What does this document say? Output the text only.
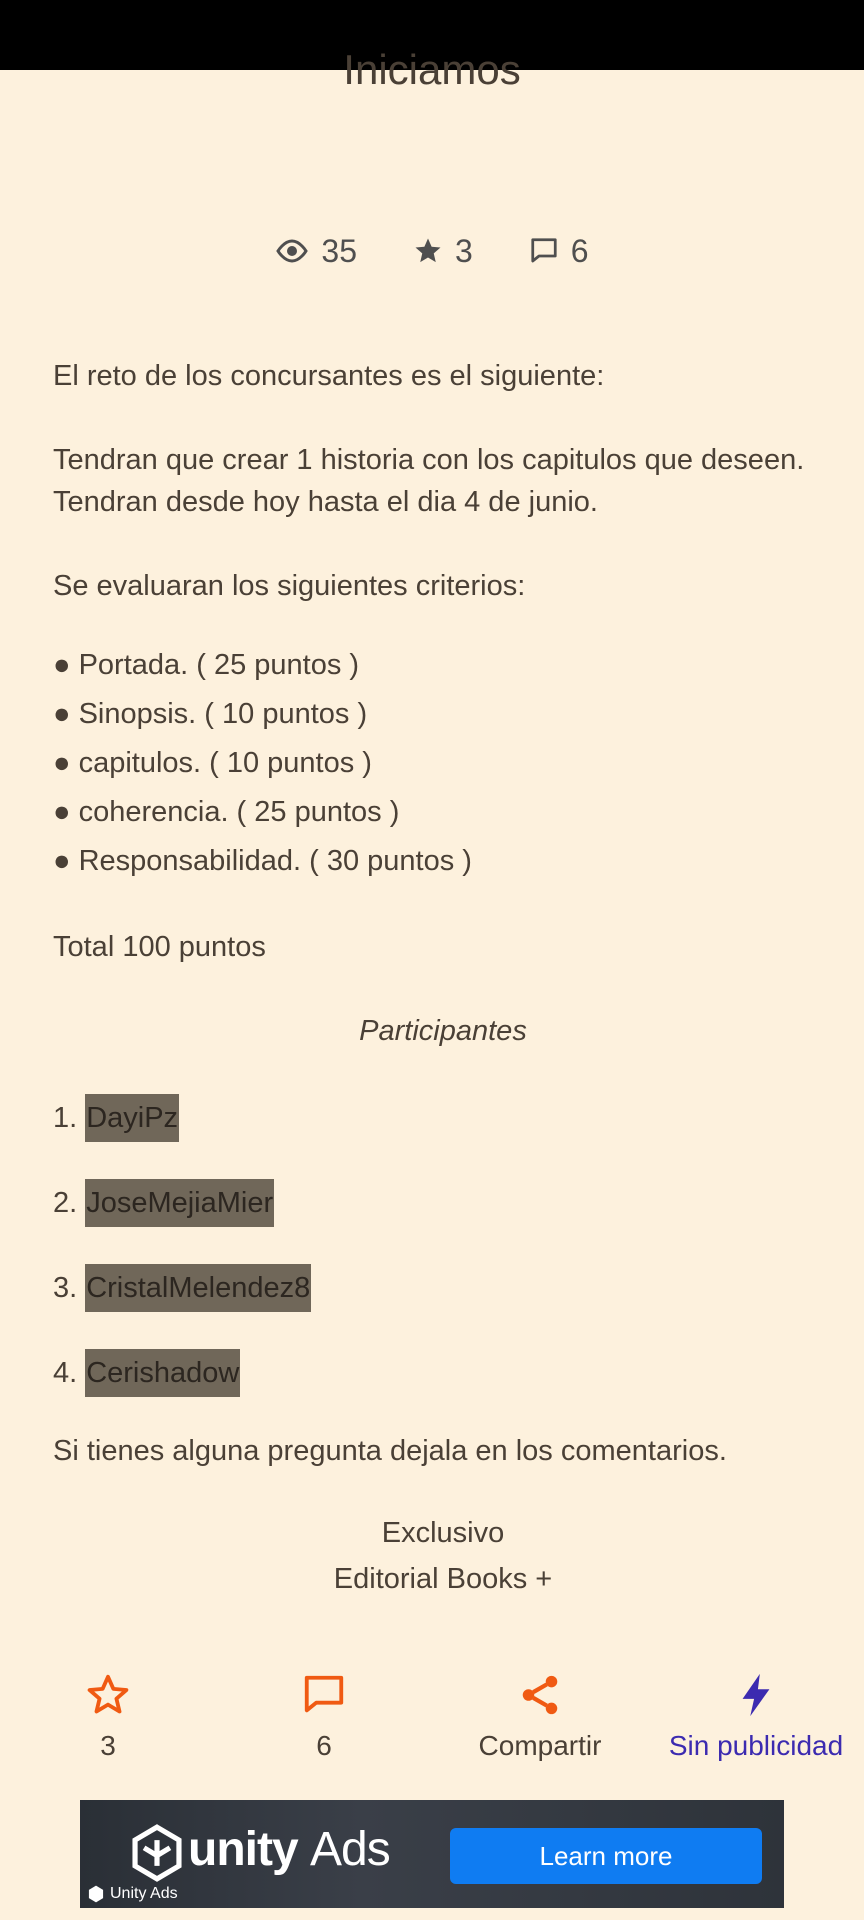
Iniciamos
35	3	6
El reto de los concursantes es el siguiente:
Tendran que crear 1 historia con los capitulos que deseen. Tendran desde hoy hasta el dia 4 de junio.
Se evaluaran los siguientes criterios:
● Portada. ( 25 puntos )
● Sinopsis. ( 10 puntos )
● capitulos. ( 10 puntos )
● coherencia. ( 25 puntos )
● Responsabilidad. ( 30 puntos )
Total 100 puntos
Participantes
1. DayiPz
2. JoseMejiaMier
3. CristalMelendez8
4. Cerishadow
Si tienes alguna pregunta dejala en los comentarios.
Exclusivo
Editorial Books +
3	6	Compartir Sin publicidad
unity Ads	Learn more
Unity Ads
